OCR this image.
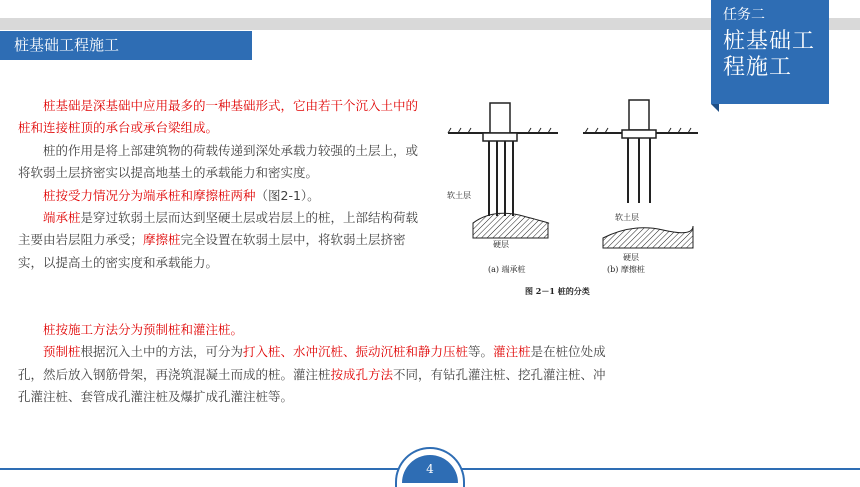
桩基础工程施工
任务二
桩基础工程施工

桩基础是深基础中应用最多的一种基础形式，它由若干个沉入土中的桩和连接桩顶的承台或承台梁组成。

桩的作用是将上部建筑物的荷载传递到深处承载力较强的土层上，或将软弱土层挤密实以提高地基土的承载能力和密实度。

桩按受力情况分为端承桩和摩擦桩两种（图2-1）。

端承桩是穿过软弱土层而达到坚硬土层或岩层上的桩，上部结构荷载主要由岩层阻力承受；摩擦桩完全设置在软弱土层中，将软弱土层挤密实，以提高土的密实度和承载能力。

桩按施工方法分为预制桩和灌注桩。

预制桩根据沉入土中的方法，可分为打入桩、水冲沉桩、振动沉桩和静力压桩等。灌注桩是在桩位处成孔，然后放入钢筋骨架，再浇筑混凝土而成的桩。灌注桩按成孔方法不同，有钻孔灌注桩、挖孔灌注桩、冲孔灌注桩、套管成孔灌注桩及爆扩成孔灌注桩等。

软土层
硬层
(a) 端承桩
软土层
硬层
(b) 摩擦桩
图 2－1 桩的分类
4
